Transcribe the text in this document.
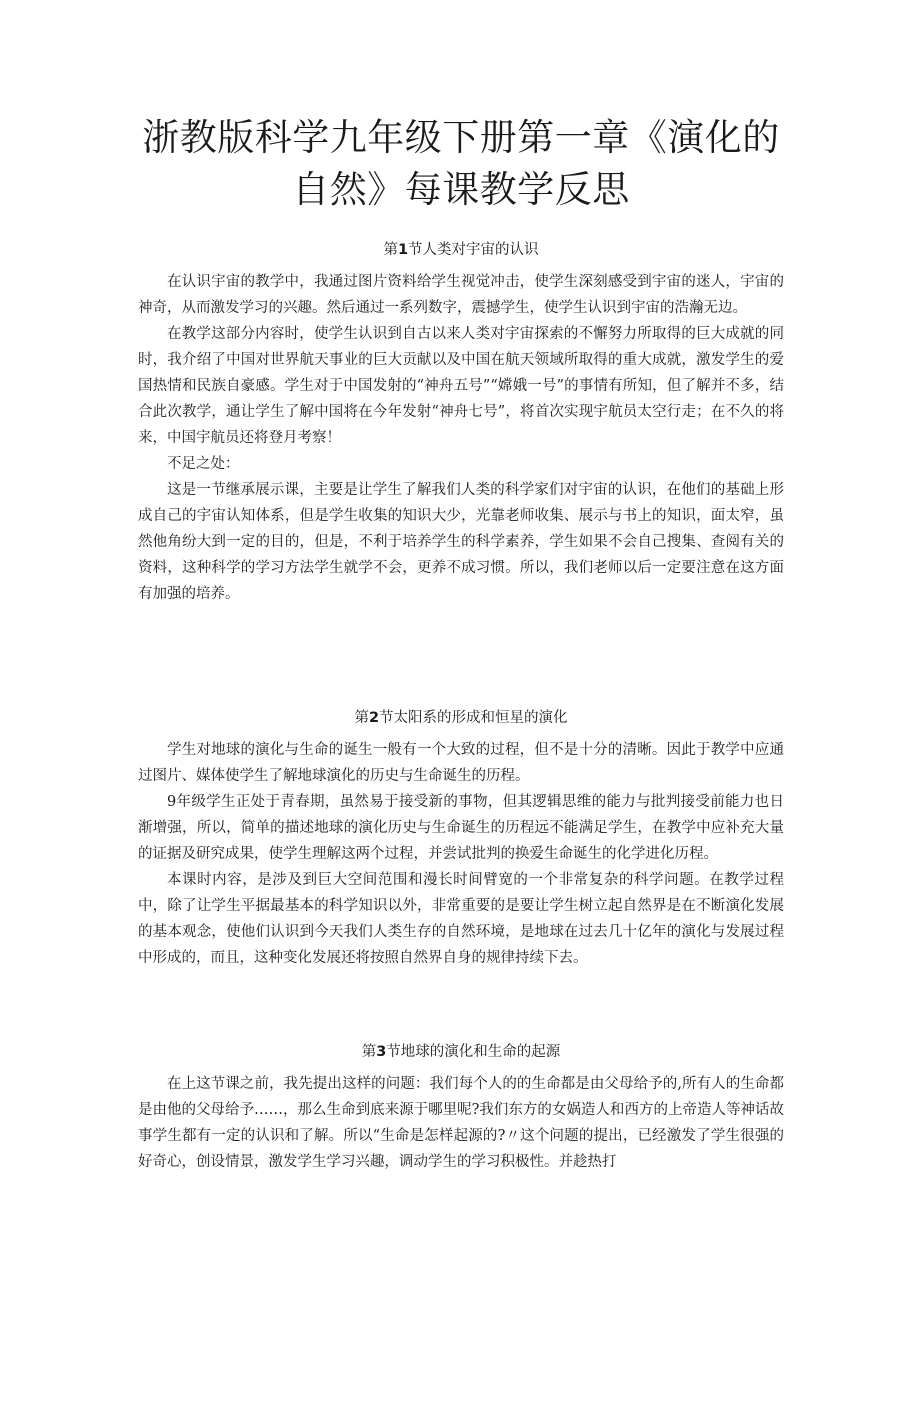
浙教版科学九年级下册第一章《演化的自然》每课教学反思
第1节人类对宇宙的认识

在认识宇宙的教学中，我通过图片资料给学生视觉冲击，使学生深刻感受到宇宙的迷人，宇宙的神奇，从而激发学习的兴趣。然后通过一系列数字，震撼学生，使学生认识到宇宙的浩瀚无边。

在教学这部分内容时，使学生认识到自古以来人类对宇宙探索的不懈努力所取得的巨大成就的同时，我介绍了中国对世界航天事业的巨大贡献以及中国在航天领域所取得的重大成就，激发学生的爱国热情和民族自豪感。学生对于中国发射的“神舟五号”“嫦娥一号”的事情有所知，但了解并不多，结合此次教学，通让学生了解中国将在今年发射“神舟七号”，将首次实现宇航员太空行走；在不久的将来，中国宇航员还将登月考察！

不足之处：

这是一节继承展示课，主要是让学生了解我们人类的科学家们对宇宙的认识，在他们的基础上形成自己的宇宙认知体系，但是学生收集的知识大少，光靠老师收集、展示与书上的知识，面太窄，虽然他角纷大到一定的目的，但是，不利于培养学生的科学素养，学生如果不会自己搜集、查阅有关的资料，这种科学的学习方法学生就学不会，更养不成习惯。所以，我们老师以后一定要注意在这方面有加强的培养。

第2节太阳系的形成和恒星的演化

学生对地球的演化与生命的诞生一般有一个大致的过程，但不是十分的清晰。因此于教学中应通过图片、媒体使学生了解地球演化的历史与生命诞生的历程。

9年级学生正处于青春期，虽然易于接受新的事物，但其逻辑思维的能力与批判接受前能力也日渐增强，所以，简单的描述地球的演化历史与生命诞生的历程远不能满足学生，在教学中应补充大量的证据及研究成果，使学生理解这两个过程，并尝试批判的换爱生命诞生的化学进化历程。

本课时内容，是涉及到巨大空间范围和漫长时间臂宽的一个非常复杂的科学问题。在教学过程中，除了让学生平据最基本的科学知识以外，非常重要的是要让学生树立起自然界是在不断演化发展的基本观念，使他们认识到今天我们人类生存的自然环境，是地球在过去几十亿年的演化与发展过程中形成的，而且，这种变化发展还将按照自然界自身的规律持续下去。

第3节地球的演化和生命的起源

在上这节课之前，我先提出这样的问题：我们每个人的的生命都是由父母给予的,所有人的生命都是由他的父母给予……，那么生命到底来源于哪里呢?我们东方的女娲造人和西方的上帝造人等神话故事学生都有一定的认识和了解。所以“生命是怎样起源的?〃这个问题的提出，已经激发了学生很强的好奇心，创设情景，激发学生学习兴趣，调动学生的学习积极性。并趁热打
